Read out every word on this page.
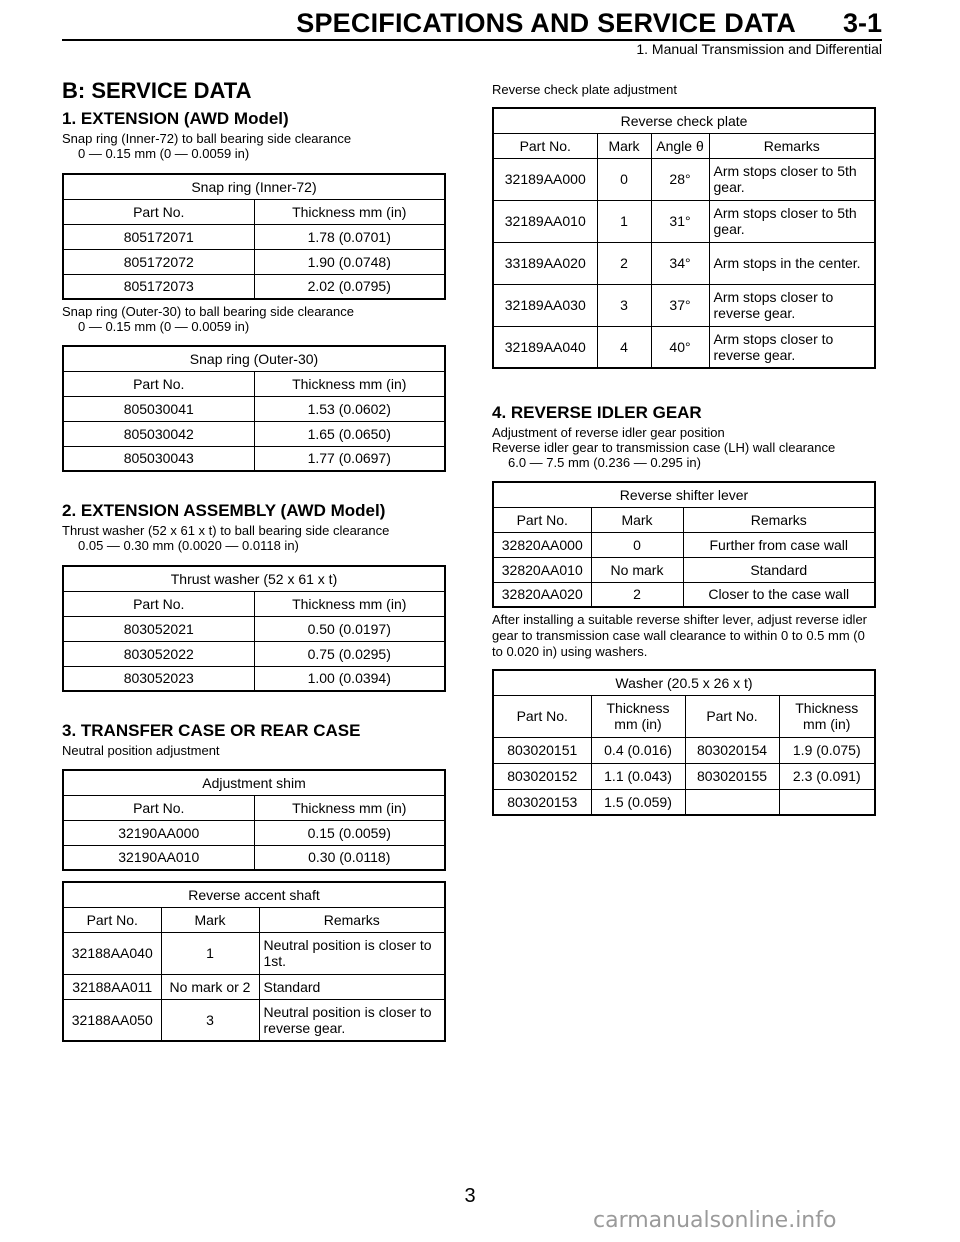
SPECIFICATIONS AND SERVICE DATA 3-1
1. Manual Transmission and Differential
B: SERVICE DATA
1. EXTENSION (AWD Model)
Snap ring (Inner-72) to ball bearing side clearance
0 — 0.15 mm (0 — 0.0059 in)
Snap ring (Inner-72)	
Part No.	Thickness mm (in)
805172071	1.78 (0.0701)
805172072	1.90 (0.0748)
805172073	2.02 (0.0795)
Snap ring (Outer-30) to ball bearing side clearance
0 — 0.15 mm (0 — 0.0059 in)
Snap ring (Outer-30)	
Part No.	Thickness mm (in)
805030041	1.53 (0.0602)
805030042	1.65 (0.0650)
805030043	1.77 (0.0697)
2. EXTENSION ASSEMBLY (AWD Model)
Thrust washer (52 x 61 x t) to ball bearing side clearance
0.05 — 0.30 mm (0.0020 — 0.0118 in)
Thrust washer (52 x 61 x t)	
Part No.	Thickness mm (in)
803052021	0.50 (0.0197)
803052022	0.75 (0.0295)
803052023	1.00 (0.0394)
3. TRANSFER CASE OR REAR CASE
Neutral position adjustment
Adjustment shim	
Part No.	Thickness mm (in)
32190AA000	0.15 (0.0059)
32190AA010	0.30 (0.0118)
Reverse accent shaft		
Part No.	Mark	Remarks
32188AA040	1	Neutral position is closer to 1st.
32188AA011	No mark or 2	Standard
32188AA050	3	Neutral position is closer to reverse gear.
Reverse check plate adjustment
Reverse check plate			
Part No.	Mark	Angle θ	Remarks
32189AA000	0	28°	Arm stops closer to 5th gear.
32189AA010	1	31°	Arm stops closer to 5th gear.
33189AA020	2	34°	Arm stops in the center.
32189AA030	3	37°	Arm stops closer to reverse gear.
32189AA040	4	40°	Arm stops closer to reverse gear.
4. REVERSE IDLER GEAR
Adjustment of reverse idler gear position
Reverse idler gear to transmission case (LH) wall clearance
6.0 — 7.5 mm (0.236 — 0.295 in)
Reverse shifter lever		
Part No.	Mark	Remarks
32820AA000	0	Further from case wall
32820AA010	No mark	Standard
32820AA020	2	Closer to the case wall
After installing a suitable reverse shifter lever, adjust reverse idler gear to transmission case wall clearance to within 0 to 0.5 mm (0 to 0.020 in) using washers.
Washer (20.5 x 26 x t)			
Part No.	Thickness mm (in)	Part No.	Thickness mm (in)
803020151	0.4 (0.016)	803020154	1.9 (0.075)
803020152	1.1 (0.043)	803020155	2.3 (0.091)
803020153	1.5 (0.059)		
3
carmanualsonline.info
